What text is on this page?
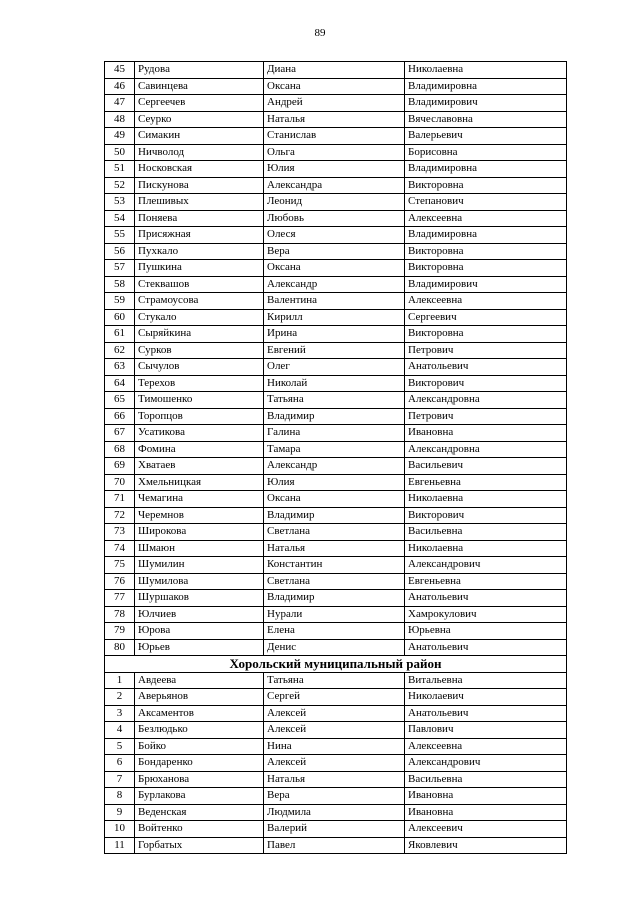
89
45	Рудова	Диана	Николаевна
46	Савинцева	Оксана	Владимировна
47	Сергеечев	Андрей	Владимирович
48	Сеурко	Наталья	Вячеславовна
49	Симакин	Станислав	Валерьевич
50	Ничволод	Ольга	Борисовна
51	Носковская	Юлия	Владимировна
52	Пискунова	Александра	Викторовна
53	Плешивых	Леонид	Степанович
54	Поняева	Любовь	Алексеевна
55	Присяжная	Олеся	Владимировна
56	Пухкало	Вера	Викторовна
57	Пушкина	Оксана	Викторовна
58	Стеквашов	Александр	Владимирович
59	Страмоусова	Валентина	Алексеевна
60	Стукало	Кирилл	Сергеевич
61	Сыряйкина	Ирина	Викторовна
62	Сурков	Евгений	Петрович
63	Сычулов	Олег	Анатольевич
64	Терехов	Николай	Викторович
65	Тимошенко	Татьяна	Александровна
66	Торопцов	Владимир	Петрович
67	Усатикова	Галина	Ивановна
68	Фомина	Тамара	Александровна
69	Хватаев	Александр	Васильевич
70	Хмельницкая	Юлия	Евгеньевна
71	Чемагина	Оксана	Николаевна
72	Черемнов	Владимир	Викторович
73	Широкова	Светлана	Васильевна
74	Шмаюн	Наталья	Николаевна
75	Шумилин	Константин	Александрович
76	Шумилова	Светлана	Евгеньевна
77	Шуршаков	Владимир	Анатольевич
78	Юлчиев	Нурали	Хамрокулович
79	Юрова	Елена	Юрьевна
80	Юрьев	Денис	Анатольевич
Хорольский муниципальный район			
1	Авдеева	Татьяна	Витальевна
2	Аверьянов	Сергей	Николаевич
3	Аксаментов	Алексей	Анатольевич
4	Безлюдько	Алексей	Павлович
5	Бойко	Нина	Алексеевна
6	Бондаренко	Алексей	Александрович
7	Брюханова	Наталья	Васильевна
8	Бурлакова	Вера	Ивановна
9	Веденская	Людмила	Ивановна
10	Войтенко	Валерий	Алексеевич
11	Горбатых	Павел	Яковлевич
